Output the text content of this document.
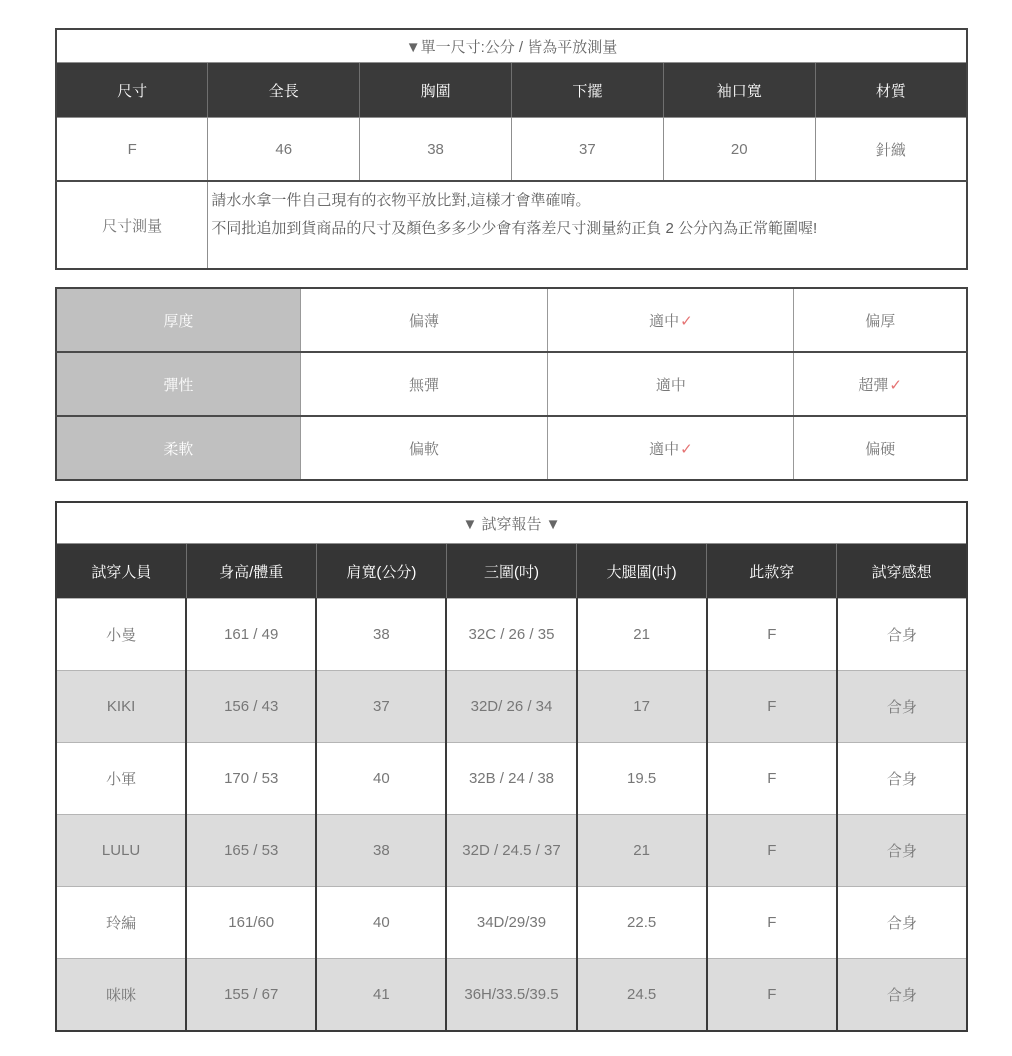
▼單一尺寸:公分 / 皆為平放測量					
尺寸	全長	胸圍	下擺	袖口寬	材質
F	46	38	37	20	針織
尺寸測量	請水水拿一件自己現有的衣物平放比對,這樣才會準確唷。
不同批追加到貨商品的尺寸及顏色多多少少會有落差尺寸測量約正負 2 公分內為正常範圍喔!				
厚度	偏薄	適中✓	偏厚
彈性	無彈	適中	超彈✓
柔軟	偏軟	適中✓	偏硬
▼ 試穿報告 ▼						
試穿人員	身高/體重	肩寬(公分)	三圍(吋)	大腿圍(吋)	此款穿	試穿感想
小曼	161 / 49	38	32C / 26 / 35	21	F	合身
KIKI	156 / 43	37	32D/ 26 / 34	17	F	合身
小軍	170 / 53	40	32B / 24 / 38	19.5	F	合身
LULU	165 / 53	38	32D / 24.5 / 37	21	F	合身
玲編	161/60	40	34D/29/39	22.5	F	合身
咪咪	155 / 67	41	36H/33.5/39.5	24.5	F	合身
